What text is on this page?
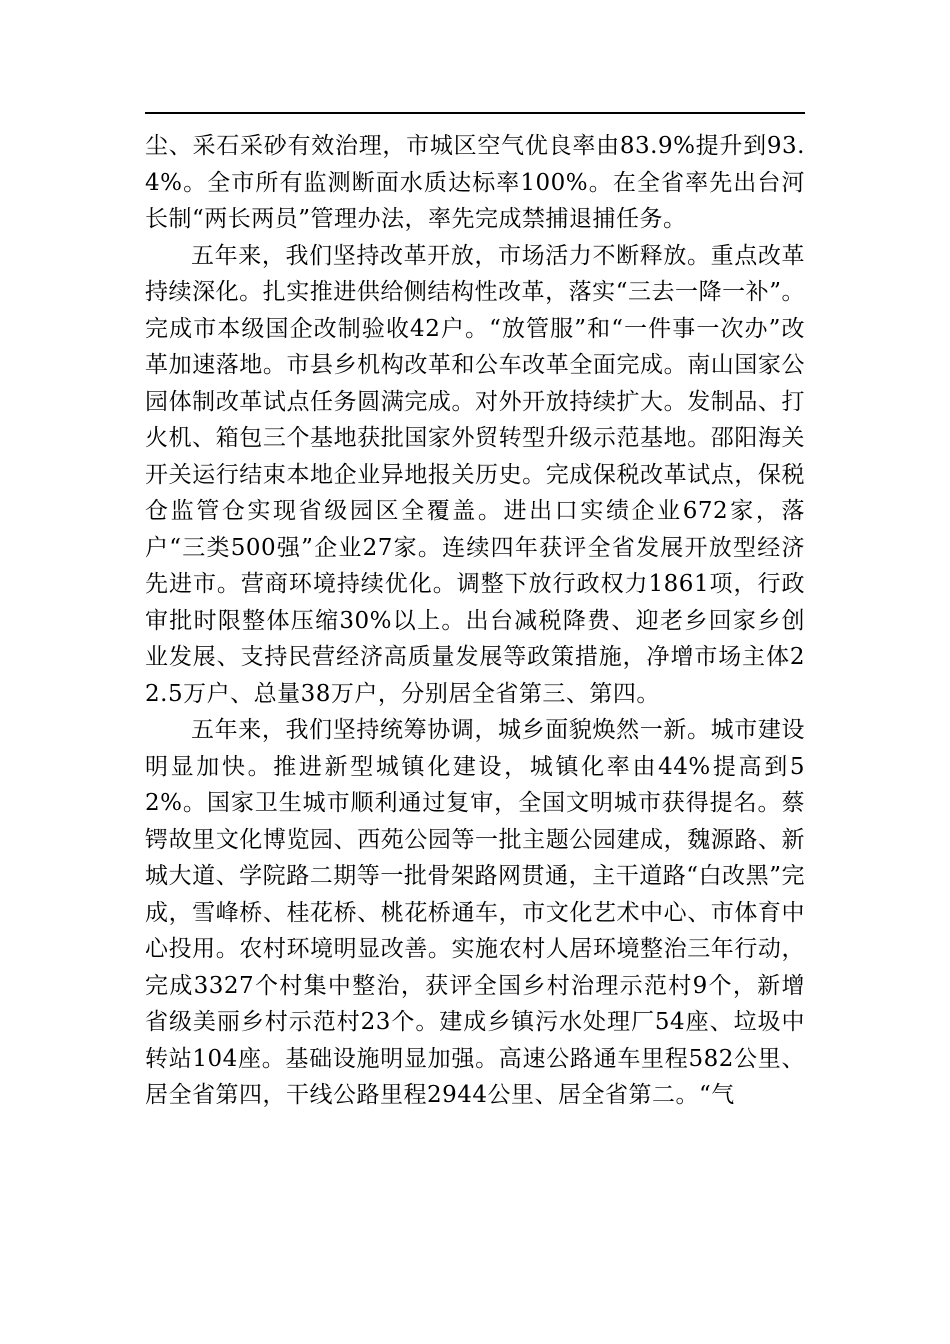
尘、采石采砂有效治理，市城区空气优良率由83.9%提升到93.4%。全市所有监测断面水质达标率100%。在全省率先出台河长制“两长两员”管理办法，率先完成禁捕退捕任务。

五年来，我们坚持改革开放，市场活力不断释放。重点改革持续深化。扎实推进供给侧结构性改革，落实“三去一降一补”。完成市本级国企改制验收42户。“放管服”和“一件事一次办”改革加速落地。市县乡机构改革和公车改革全面完成。南山国家公园体制改革试点任务圆满完成。对外开放持续扩大。发制品、打火机、箱包三个基地获批国家外贸转型升级示范基地。邵阳海关开关运行结束本地企业异地报关历史。完成保税改革试点，保税仓监管仓实现省级园区全覆盖。进出口实绩企业672家，落户“三类500强”企业27家。连续四年获评全省发展开放型经济先进市。营商环境持续优化。调整下放行政权力1861项，行政审批时限整体压缩30%以上。出台减税降费、迎老乡回家乡创业发展、支持民营经济高质量发展等政策措施，净增市场主体22.5万户、总量38万户，分别居全省第三、第四。

五年来，我们坚持统筹协调，城乡面貌焕然一新。城市建设明显加快。推进新型城镇化建设，城镇化率由44%提高到52%。国家卫生城市顺利通过复审，全国文明城市获得提名。蔡锷故里文化博览园、西苑公园等一批主题公园建成，魏源路、新城大道、学院路二期等一批骨架路网贯通，主干道路“白改黑”完成，雪峰桥、桂花桥、桃花桥通车，市文化艺术中心、市体育中心投用。农村环境明显改善。实施农村人居环境整治三年行动，完成3327个村集中整治，获评全国乡村治理示范村9个，新增省级美丽乡村示范村23个。建成乡镇污水处理厂54座、垃圾中转站104座。基础设施明显加强。高速公路通车里程582公里、居全省第四，干线公路里程2944公里、居全省第二。“气
